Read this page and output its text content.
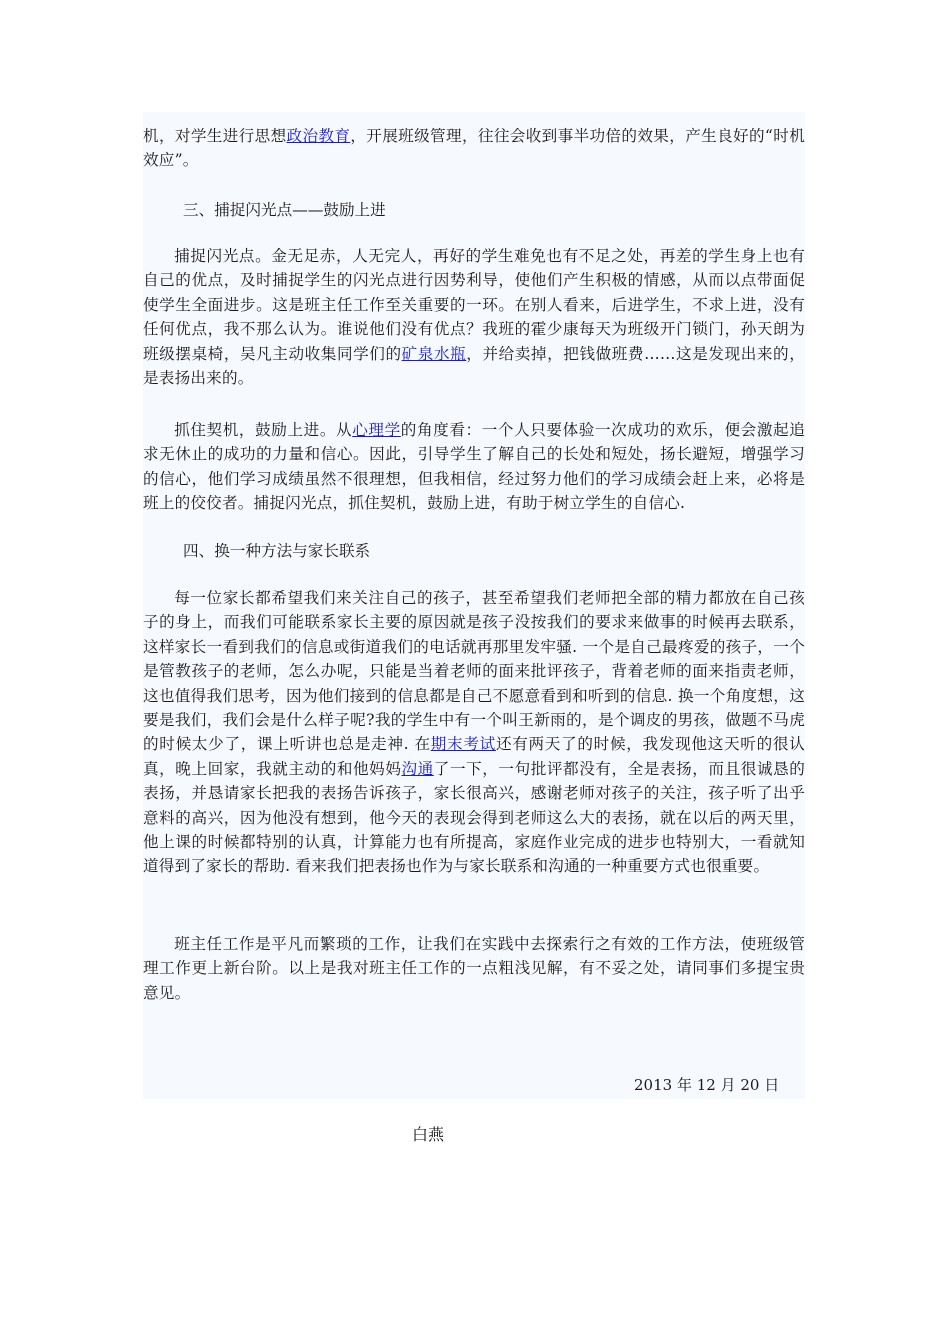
机，对学生进行思想政治教育，开展班级管理，往往会收到事半功倍的效果，产生良好的“时机效应”。

三、捕捉闪光点——鼓励上进

捕捉闪光点。金无足赤，人无完人，再好的学生难免也有不足之处，再差的学生身上也有自己的优点，及时捕捉学生的闪光点进行因势利导，使他们产生积极的情感，从而以点带面促使学生全面进步。这是班主任工作至关重要的一环。在别人看来，后进学生，不求上进，没有任何优点，我不那么认为。谁说他们没有优点？我班的霍少康每天为班级开门锁门，孙天朗为班级摆桌椅，吴凡主动收集同学们的矿泉水瓶，并给卖掉，把钱做班费……这是发现出来的，是表扬出来的。

抓住契机，鼓励上进。从心理学的角度看：一个人只要体验一次成功的欢乐，便会激起追求无休止的成功的力量和信心。因此，引导学生了解自己的长处和短处，扬长避短，增强学习的信心，他们学习成绩虽然不很理想，但我相信，经过努力他们的学习成绩会赶上来，必将是班上的佼佼者。捕捉闪光点，抓住契机，鼓励上进，有助于树立学生的自信心.

四、换一种方法与家长联系

每一位家长都希望我们来关注自己的孩子，甚至希望我们老师把全部的精力都放在自己孩子的身上，而我们可能联系家长主要的原因就是孩子没按我们的要求来做事的时候再去联系，这样家长一看到我们的信息或街道我们的电话就再那里发牢骚. 一个是自己最疼爱的孩子，一个是管教孩子的老师，怎么办呢，只能是当着老师的面来批评孩子，背着老师的面来指责老师，这也值得我们思考，因为他们接到的信息都是自己不愿意看到和听到的信息. 换一个角度想，这要是我们，我们会是什么样子呢?我的学生中有一个叫王新雨的，是个调皮的男孩，做题不马虎的时候太少了，课上听讲也总是走神. 在期末考试还有两天了的时候，我发现他这天听的很认真，晚上回家，我就主动的和他妈妈沟通了一下，一句批评都没有，全是表扬，而且很诚恳的表扬，并恳请家长把我的表扬告诉孩子，家长很高兴，感谢老师对孩子的关注，孩子听了出乎意料的高兴，因为他没有想到，他今天的表现会得到老师这么大的表扬，就在以后的两天里，他上课的时候都特别的认真，计算能力也有所提高，家庭作业完成的进步也特别大，一看就知道得到了家长的帮助. 看来我们把表扬也作为与家长联系和沟通的一种重要方式也很重要。

班主任工作是平凡而繁琐的工作，让我们在实践中去探索行之有效的工作方法，使班级管理工作更上新台阶。以上是我对班主任工作的一点粗浅见解，有不妥之处，请同事们多提宝贵意见。

2013 年 12 月 20 日
白燕
